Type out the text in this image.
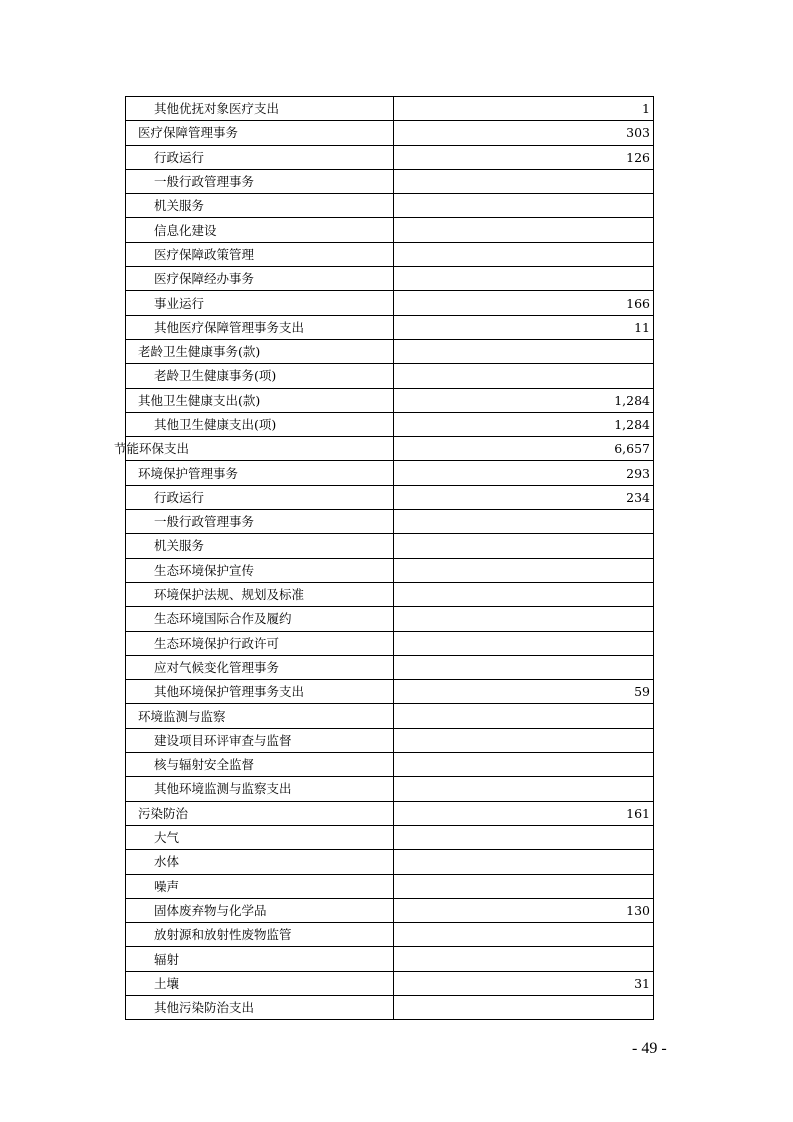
其他优抚对象医疗支出	1
医疗保障管理事务	303
行政运行	126
一般行政管理事务	
机关服务	
信息化建设	
医疗保障政策管理	
医疗保障经办事务	
事业运行	166
其他医疗保障管理事务支出	11
老龄卫生健康事务(款)	
老龄卫生健康事务(项)	
其他卫生健康支出(款)	1,284
其他卫生健康支出(项)	1,284
节能环保支出	6,657
环境保护管理事务	293
行政运行	234
一般行政管理事务	
机关服务	
生态环境保护宣传	
环境保护法规、规划及标准	
生态环境国际合作及履约	
生态环境保护行政许可	
应对气候变化管理事务	
其他环境保护管理事务支出	59
环境监测与监察	
建设项目环评审查与监督	
核与辐射安全监督	
其他环境监测与监察支出	
污染防治	161
大气	
水体	
噪声	
固体废弃物与化学品	130
放射源和放射性废物监管	
辐射	
土壤	31
其他污染防治支出	
- 49 -
